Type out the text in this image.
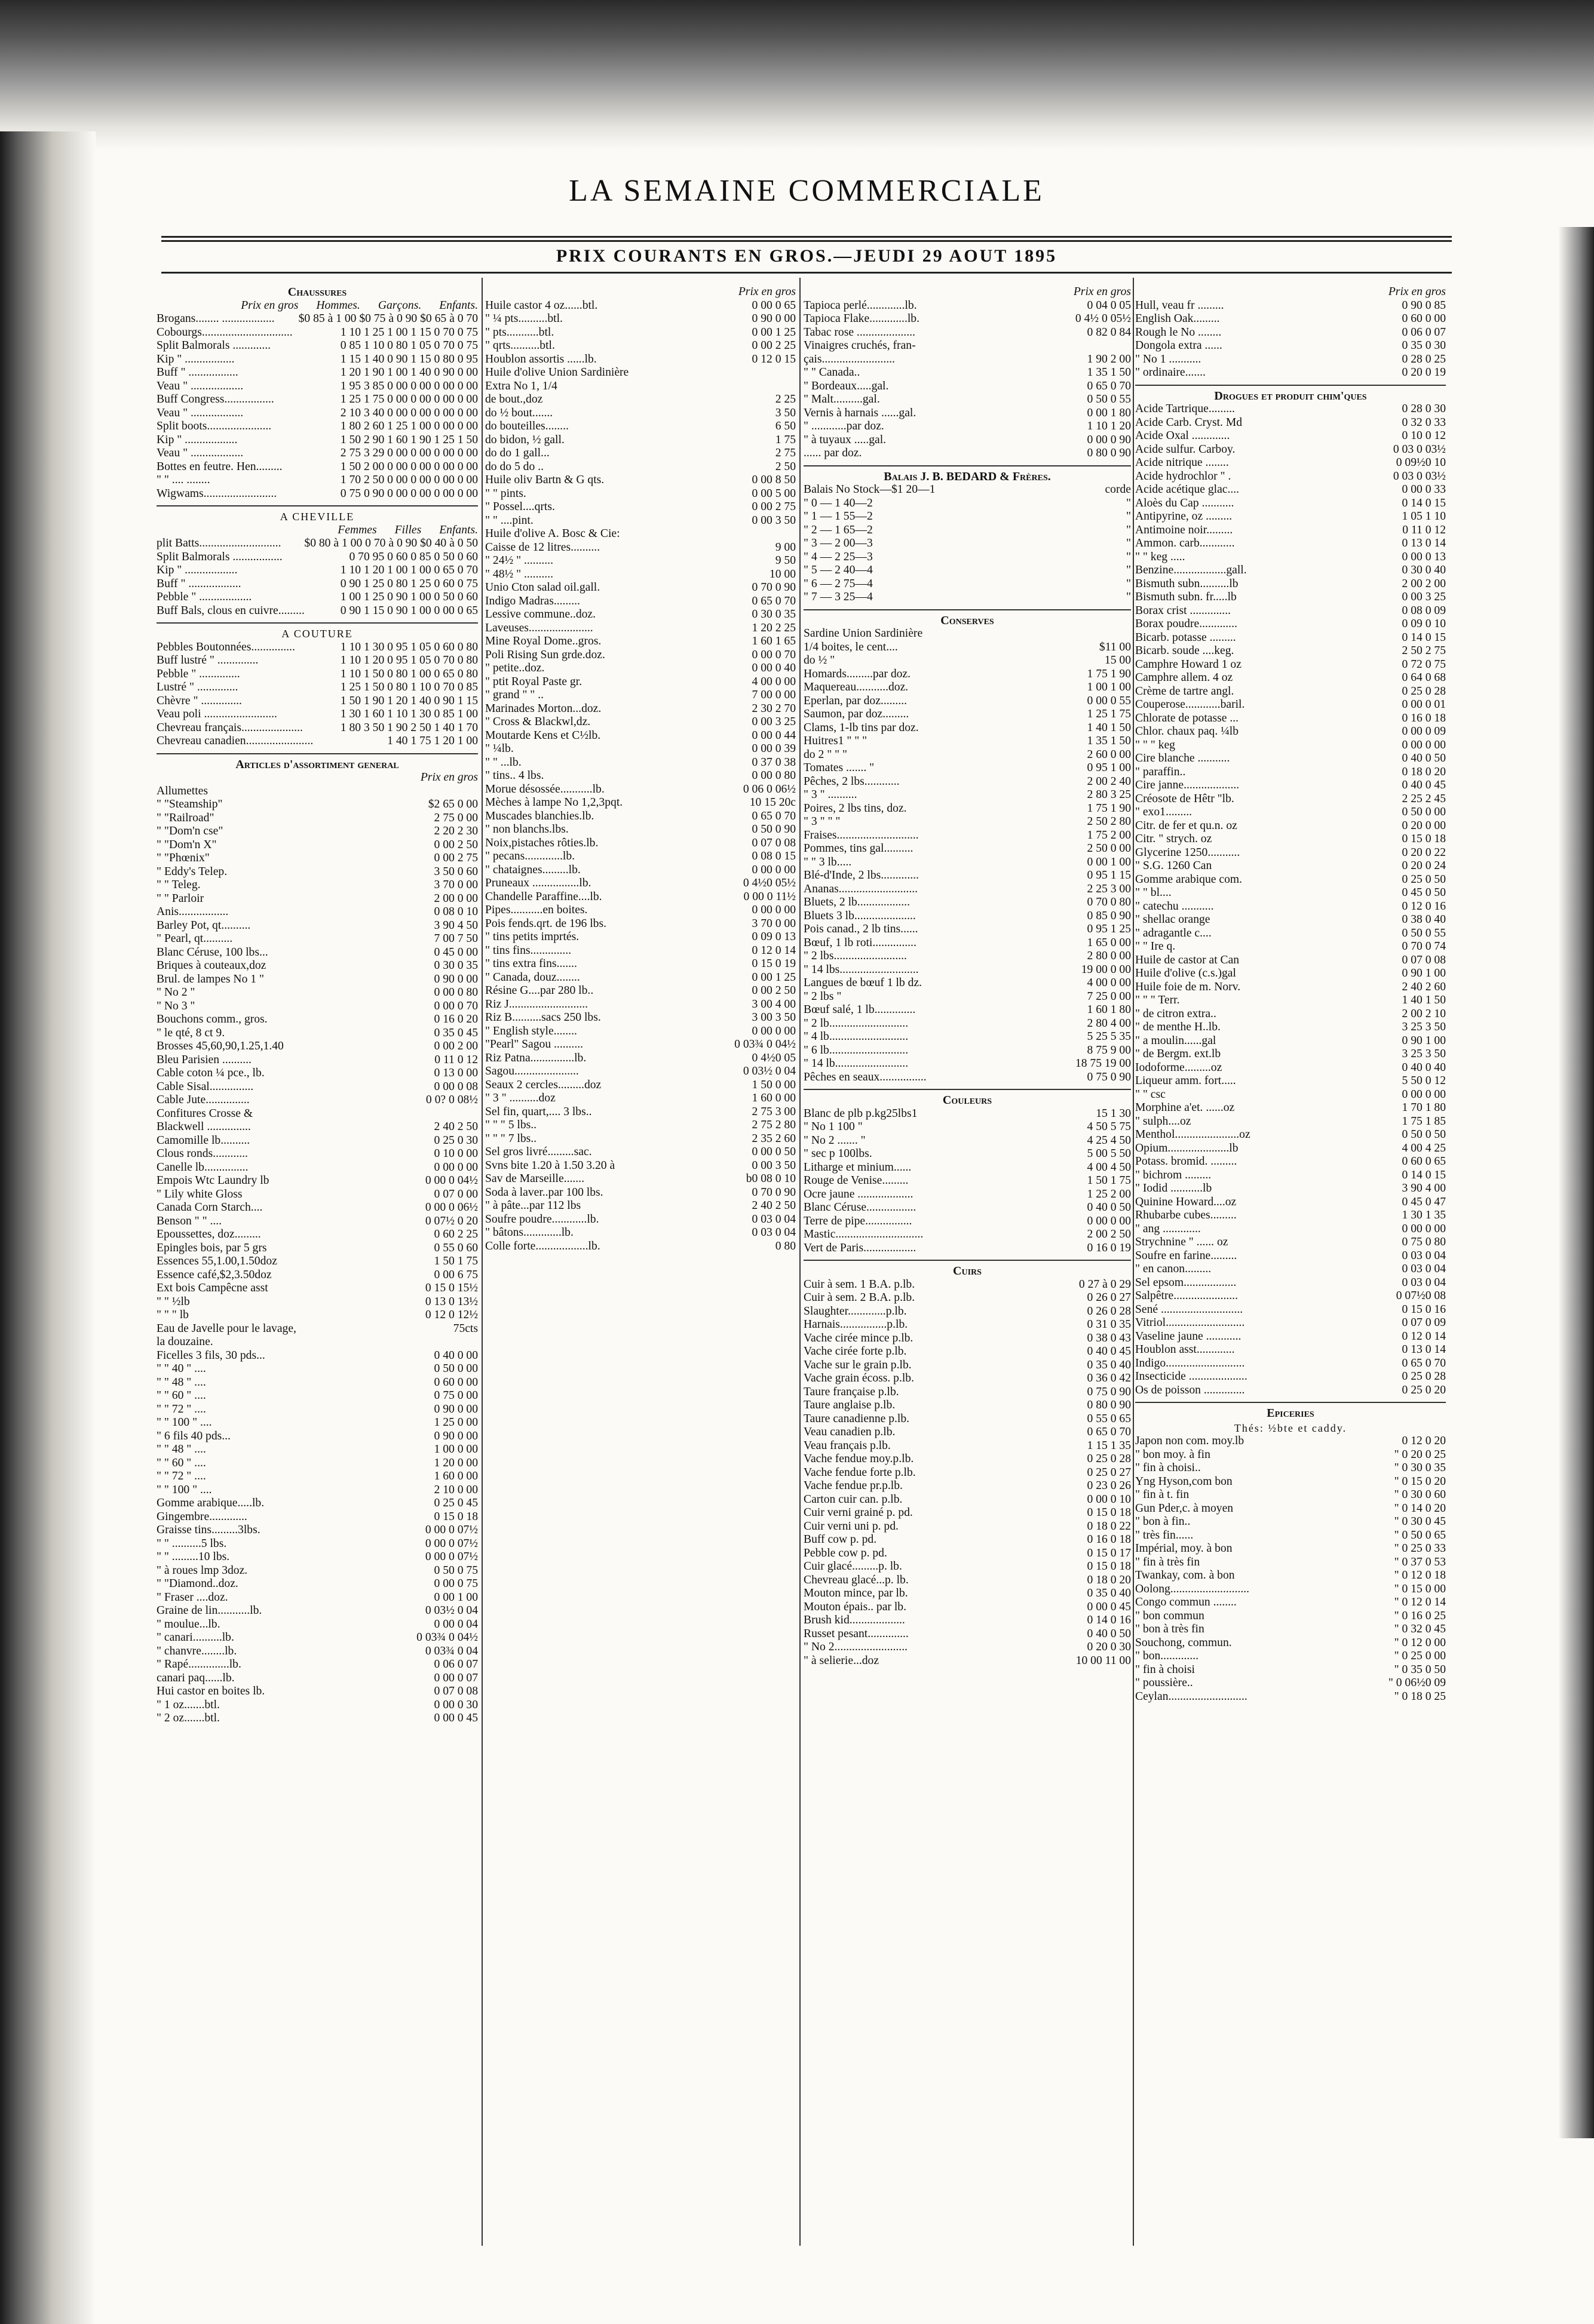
LA SEMAINE COMMERCIALE
PRIX COURANTS EN GROS.—JEUDI 29 AOUT 1895
Chaussures
Prix en gros	Hommes.	Garçons.	Enfants.
Brogans........ ..................	$0 85 à 1 00 $0 75 à 0 90 $0 65 à 0 70
Cobourgs...............................	1 10 1 25 1 00 1 15 0 70 0 75
Split Balmorals .............	0 85 1 10 0 80 1 05 0 70 0 75
Kip " .................	1 15 1 40 0 90 1 15 0 80 0 95
Buff " .................	1 20 1 90 1 00 1 40 0 90 0 00
Veau " ..................	1 95 3 85 0 00 0 00 0 00 0 00
Buff Congress.................	1 25 1 75 0 00 0 00 0 00 0 00
Veau " ..................	2 10 3 40 0 00 0 00 0 00 0 00
Split boots......................	1 80 2 60 1 25 1 00 0 00 0 00
Kip " ..................	1 50 2 90 1 60 1 90 1 25 1 50
Veau " ..................	2 75 3 29 0 00 0 00 0 00 0 00
Bottes en feutre. Hen.........	1 50 2 00 0 00 0 00 0 00 0 00
" " .... ........	1 70 2 50 0 00 0 00 0 00 0 00
Wigwams.........................	0 75 0 90 0 00 0 00 0 00 0 00
A CHEVILLE
Femmes	Filles	Enfants.
plit Batts............................	$0 80 à 1 00 0 70 à 0 90 $0 40 à 0 50
Split Balmorals .................	0 70 95 0 60 0 85 0 50 0 60
Kip " ..................	1 10 1 20 1 00 1 00 0 65 0 70
Buff " ..................	0 90 1 25 0 80 1 25 0 60 0 75
Pebble " ..................	1 00 1 25 0 90 1 00 0 50 0 60
Buff Bals, clous en cuivre.........	0 90 1 15 0 90 1 00 0 00 0 65
A COUTURE
Pebbles Boutonnées...............	1 10 1 30 0 95 1 05 0 60 0 80
Buff lustré " ..............	1 10 1 20 0 95 1 05 0 70 0 80
Pebble " ..............	1 10 1 50 0 80 1 00 0 65 0 80
Lustré " ..............	1 25 1 50 0 80 1 10 0 70 0 85
Chèvre " ..............	1 50 1 90 1 20 1 40 0 90 1 15
Veau poli .........................	1 30 1 60 1 10 1 30 0 85 1 00
Chevreau français.....................	1 80 3 50 1 90 2 50 1 40 1 70
Chevreau canadien.......................	1 40 1 75 1 20 1 00
Articles d'assortiment general
Prix en gros
Allumettes
" "Steamship"	$2 65 0 00
" "Railroad"	2 75 0 00
" "Dom'n cse"	2 20 2 30
" "Dom'n X"	0 00 2 50
" "Phœnix"	0 00 2 75
" Eddy's Telep.	3 50 0 60
" " Teleg.	3 70 0 00
" " Parloir	2 00 0 00
Anis.................	0 08 0 10
Barley Pot, qt..........	3 90 4 50
" Pearl, qt..........	7 00 7 50
Blanc Céruse, 100 lbs...	0 45 0 00
Briques à couteaux,doz	0 30 0 35
Brul. de lampes No 1 "	0 90 0 00
" No 2 "	0 00 0 80
" No 3 "	0 00 0 70
Bouchons comm., gros.	0 16 0 20
" le qté, 8 ct 9.	0 35 0 45
Brosses 45,60,90,1.25,1.40	0 00 2 00
Bleu Parisien ..........	0 11 0 12
Cable coton ¼ pce., lb.	0 13 0 00
Cable Sisal...............	0 00 0 08
Cable Jute...............	0 0? 0 08½
Confitures Crosse &
Blackwell ...............	2 40 2 50
Camomille lb..........	0 25 0 30
Clous ronds............	0 10 0 00
Canelle lb...............	0 00 0 00
Empois Wtc Laundry lb	0 00 0 04½
" Lily white Gloss	0 07 0 00
Canada Corn Starch....	0 00 0 06½
Benson " " ....	0 07½ 0 20
Epoussettes, doz.........	0 60 2 25
Epingles bois, par 5 grs	0 55 0 60
Essences 55,1.00,1.50doz	1 50 1 75
Essence café,$2,3.50doz	0 00 6 75
Ext bois Campêcne asst	0 15 0 15½
" " ½lb	0 13 0 13½
" " " lb	0 12 0 12½
Eau de Javelle pour le lavage,	75cts
la douzaine.
Ficelles 3 fils, 30 pds...	0 40 0 00
" " 40 " ....	0 50 0 00
" " 48 " ....	0 60 0 00
" " 60 " ....	0 75 0 00
" " 72 " ....	0 90 0 00
" " 100 " ....	1 25 0 00
" 6 fils 40 pds...	0 90 0 00
" " 48 " ....	1 00 0 00
" " 60 " ....	1 20 0 00
" " 72 " ....	1 60 0 00
" " 100 " ....	2 10 0 00
Gomme arabique.....lb.	0 25 0 45
Gingembre.............	0 15 0 18
Graisse tins.........3lbs.	0 00 0 07½
" " ..........5 lbs.	0 00 0 07½
" " .........10 lbs.	0 00 0 07½
" à roues lmp 3doz.	0 50 0 75
" "Diamond..doz.	0 00 0 75
" Fraser ....doz.	0 00 1 00
Graine de lin...........lb.	0 03½ 0 04
" moulue...lb.	0 00 0 04
" canari..........lb.	0 03¾ 0 04½
" chanvre........lb.	0 03¾ 0 04
" Rapé..............lb.	0 06 0 07
canari paq......lb.	0 00 0 07
Hui castor en boites lb.	0 07 0 08
" 1 oz.......btl.	0 00 0 30
" 2 oz.......btl.	0 00 0 45
Prix en gros
Huile castor 4 oz......btl.	0 00 0 65
" ¼ pts..........btl.	0 90 0 00
" pts...........btl.	0 00 1 25
" qrts..........btl.	0 00 2 25
Houblon assortis ......lb.	0 12 0 15
Huile d'olive Union Sardinière
Extra No 1, 1/4
de bout.,doz	2 25
do ½ bout.......	3 50
do bouteilles........	6 50
do bidon, ½ gall.	1 75
do do 1 gall...	2 75
do do 5 do ..	2 50
Huile oliv Bartn & G qts.	0 00 8 50
" " pints.	0 00 5 00
" Possel....qrts.	0 00 2 75
" " ....pint.	0 00 3 50
Huile d'olive A. Bosc & Cie:
Caisse de 12 litres..........	9 00
" 24½ " ..........	9 50
" 48½ " ..........	10 00
Unio Cton salad oil.gall.	0 70 0 90
Indigo Madras.........	0 65 0 70
Lessive commune..doz.	0 30 0 35
Laveuses......................	1 20 2 25
Mine Royal Dome..gros.	1 60 1 65
Poli Rising Sun grde.doz.	0 00 0 70
" petite..doz.	0 00 0 40
" ptit Royal Paste gr.	4 00 0 00
" grand " " ..	7 00 0 00
Marinades Morton...doz.	2 30 2 70
" Cross & Blackwl,dz.	0 00 3 25
Moutarde Kens et C½lb.	0 00 0 44
" ¼lb.	0 00 0 39
" " ...lb.	0 37 0 38
" tins.. 4 lbs.	0 00 0 80
Morue désossée...........lb.	0 06 0 06½
Mèches à lampe No 1,2,3pqt.	10 15 20c
Muscades blanchies.lb.	0 65 0 70
" non blanchs.lbs.	0 50 0 90
Noix,pistaches rôties.lb.	0 07 0 08
" pecans.............lb.	0 08 0 15
" chataignes.........lb.	0 00 0 00
Pruneaux ................lb.	0 4½0 05½
Chandelle Paraffine....lb.	0 00 0 11½
Pipes...........en boites.	0 00 0 00
Pois fends.qrt. de 196 lbs.	3 70 0 00
" tins petits imprtés.	0 09 0 13
" tins fins..............	0 12 0 14
" tins extra fins.......	0 15 0 19
" Canada, douz........	0 00 1 25
Résine G....par 280 lb..	0 00 2 50
Riz J...........................	3 00 4 00
Riz B..........sacs 250 lbs.	3 00 3 50
" English style........	0 00 0 00
"Pearl" Sagou ..........	0 03¾ 0 04½
Riz Patna...............lb.	0 4½0 05
Sagou......................	0 03½ 0 04
Seaux 2 cercles.........doz	1 50 0 00
" 3 " ..........doz	1 60 0 00
Sel fin, quart,.... 3 lbs..	2 75 3 00
" " " 5 lbs..	2 75 2 80
" " " 7 lbs..	2 35 2 60
Sel gros livré.........sac.	0 00 0 50
Svns bite 1.20 à 1.50 3.20 à	0 00 3 50
Sav de Marseille.......	b0 08 0 10
Soda à laver..par 100 lbs.	0 70 0 90
" à pâte...par 112 lbs	2 40 2 50
Soufre poudre............lb.	0 03 0 04
" bâtons.............lb.	0 03 0 04
Colle forte..................lb.	0 80
Prix en gros
Tapioca perlé.............lb.	0 04 0 05
Tapioca Flake.............lb.	0 4½ 0 05½
Tabac rose ....................	0 82 0 84
Vinaigres cruchés, fran-
çais.........................	1 90 2 00
" " Canada..	1 35 1 50
" Bordeaux.....gal.	0 65 0 70
" Malt..........gal.	0 50 0 55
Vernis à harnais ......gal.	0 00 1 80
" ............par doz.	1 10 1 20
" à tuyaux .....gal.	0 00 0 90
...... par doz.	0 80 0 90
Balais J. B. BEDARD & Frères.
Balais No Stock—$1 20—1	corde
" 0 — 1 40—2	"
" 1 — 1 55—2	"
" 2 — 1 65—2	"
" 3 — 2 00—3	"
" 4 — 2 25—3	"
" 5 — 2 40—4	"
" 6 — 2 75—4	"
" 7 — 3 25—4	"
Conserves
Sardine Union Sardinière
1/4 boites, le cent....	$11 00
do ½ "	15 00
Homards.........par doz.	1 75 1 90
Maquereau...........doz.	1 00 1 00
Eperlan, par doz.........	0 00 0 55
Saumon, par doz.........	1 25 1 75
Clams, 1-lb tins par doz.	1 40 1 50
Huitres1 " " "	1 35 1 50
do 2 " " "	2 60 0 00
Tomates ....... "	0 95 1 00
Pêches, 2 lbs............	2 00 2 40
" 3 " ..........	2 80 3 25
Poires, 2 lbs tins, doz.	1 75 1 90
" 3 " " "	2 50 2 80
Fraises............................	1 75 2 00
Pommes, tins gal..........	2 50 0 00
" " 3 lb.....	0 00 1 00
Blé-d'Inde, 2 lbs.............	0 95 1 15
Ananas...........................	2 25 3 00
Bluets, 2 lb..................	0 70 0 80
Bluets 3 lb.....................	0 85 0 90
Pois canad., 2 lb tins......	0 95 1 25
Bœuf, 1 lb roti...............	1 65 0 00
" 2 lbs.........................	2 80 0 00
" 14 lbs...........................	19 00 0 00
Langues de bœuf 1 lb dz.	4 00 0 00
" 2 lbs "	7 25 0 00
Bœuf salé, 1 lb..............	1 60 1 80
" 2 lb...........................	2 80 4 00
" 4 lb...........................	5 25 5 35
" 6 lb...........................	8 75 9 00
" 14 lb.........................	18 75 19 00
Pêches en seaux................	0 75 0 90
Couleurs
Blanc de plb p.kg25lbs1	15 1 30
" No 1 100 "	4 50 5 75
" No 2 ....... "	4 25 4 50
" sec p 100lbs.	5 00 5 50
Litharge et minium......	4 00 4 50
Rouge de Venise.........	1 50 1 75
Ocre jaune ...................	1 25 2 00
Blanc Céruse.................	0 40 0 50
Terre de pipe................	0 00 0 00
Mastic..............................	2 00 2 50
Vert de Paris..................	0 16 0 19
Cuirs
Cuir à sem. 1 B.A. p.lb.	0 27 à 0 29
Cuir à sem. 2 B.A. p.lb.	0 26 0 27
Slaughter.............p.lb.	0 26 0 28
Harnais................p.lb.	0 31 0 35
Vache cirée mince p.lb.	0 38 0 43
Vache cirée forte p.lb.	0 40 0 45
Vache sur le grain p.lb.	0 35 0 40
Vache grain écoss. p.lb.	0 36 0 42
Taure française p.lb.	0 75 0 90
Taure anglaise p.lb.	0 80 0 90
Taure canadienne p.lb.	0 55 0 65
Veau canadien p.lb.	0 65 0 70
Veau français p.lb.	1 15 1 35
Vache fendue moy.p.lb.	0 25 0 28
Vache fendue forte p.lb.	0 25 0 27
Vache fendue pr.p.lb.	0 23 0 26
Carton cuir can. p.lb.	0 00 0 10
Cuir verni grainé p. pd.	0 15 0 18
Cuir verni uni p. pd.	0 18 0 22
Buff cow p. pd.	0 16 0 18
Pebble cow p. pd.	0 15 0 17
Cuir glacé.........p. lb.	0 15 0 18
Chevreau glacé...p. lb.	0 18 0 20
Mouton mince, par lb.	0 35 0 40
Mouton épais.. par lb.	0 00 0 45
Brush kid...................	0 14 0 16
Russet pesant..............	0 40 0 50
" No 2.........................	0 20 0 30
" à selierie...doz	10 00 11 00
Prix en gros
Hull, veau fr .........	0 90 0 85
English Oak.........	0 60 0 00
Rough le No ........	0 06 0 07
Dongola extra ......	0 35 0 30
" No 1 ...........	0 28 0 25
" ordinaire.......	0 20 0 19
Drogues et produit chim'ques
Acide Tartrique.........	0 28 0 30
Acide Carb. Cryst. Md	0 32 0 33
Acide Oxal .............	0 10 0 12
Acide sulfur. Carboy.	0 03 0 03½
Acide nitrique ........	0 09½0 10
Acide hydrochlor " .	0 03 0 03½
Acide acétique glac....	0 00 0 33
Aloès du Cap ...........	0 14 0 15
Antipyrine, oz .........	1 05 1 10
Antimoine noir.........	0 11 0 12
Ammon. carb............	0 13 0 14
" " keg .....	0 00 0 13
Benzine..................gall.	0 30 0 40
Bismuth subn..........lb	2 00 2 00
Bismuth subn. fr.....lb	0 00 3 25
Borax crist ..............	0 08 0 09
Borax poudre.............	0 09 0 10
Bicarb. potasse .........	0 14 0 15
Bicarb. soude ....keg.	2 50 2 75
Camphre Howard 1 oz	0 72 0 75
Camphre allem. 4 oz	0 64 0 68
Crème de tartre angl.	0 25 0 28
Couperose............baril.	0 00 0 01
Chlorate de potasse ...	0 16 0 18
Chlor. chaux paq. ¼lb	0 00 0 09
" " " keg	0 00 0 00
Cire blanche ...........	0 40 0 50
" paraffin..	0 18 0 20
Cire janne...................	0 40 0 45
Créosote de Hêtr "lb.	2 25 2 45
" exo1.........	0 50 0 00
Citr. de fer et qu.n. oz	0 20 0 00
Citr. " strych. oz	0 15 0 18
Glycerine 1250...........	0 20 0 22
" S.G. 1260 Can	0 20 0 24
Gomme arabique com.	0 25 0 50
" " bl....	0 45 0 50
" catechu ...........	0 12 0 16
" shellac orange	0 38 0 40
" adragantle c....	0 50 0 55
" " Ire q.	0 70 0 74
Huile de castor at Can	0 07 0 08
Huile d'olive (c.s.)gal	0 90 1 00
Huile foie de m. Norv.	2 40 2 60
" " " Terr.	1 40 1 50
" de citron extra..	2 00 2 10
" de menthe H..lb.	3 25 3 50
" a moulin......gal	0 90 1 00
" de Bergm. ext.lb	3 25 3 50
Iodoforme.........oz	0 40 0 40
Liqueur amm. fort.....	5 50 0 12
" " csc	0 00 0 00
Morphine a'et. ......oz	1 70 1 80
" sulph....oz	1 75 1 85
Menthol......................oz	0 50 0 50
Opium.....................lb	4 00 4 25
Potass. bromid. .........	0 60 0 65
" bichrom .........	0 14 0 15
" Iodid ...........lb	3 90 4 00
Quinine Howard....oz	0 45 0 47
Rhubarbe cubes.........	1 30 1 35
" ang .............	0 00 0 00
Strychnine " ...... oz	0 75 0 80
Soufre en farine.........	0 03 0 04
" en canon.........	0 03 0 04
Sel epsom..................	0 03 0 04
Salpêtre......................	0 07½0 08
Sené ............................	0 15 0 16
Vitriol...........................	0 07 0 09
Vaseline jaune ............	0 12 0 14
Houblon asst.............	0 13 0 14
Indigo...........................	0 65 0 70
Insecticide ....................	0 25 0 28
Os de poisson ..............	0 25 0 20
Epiceries
Thés: ½bte et caddy.
Japon non com. moy.lb	0 12 0 20
" bon moy. à fin	" 0 20 0 25
" fin à choisi..	" 0 30 0 35
Yng Hyson,com bon	" 0 15 0 20
" fin à t. fin	" 0 30 0 60
Gun Pder,c. à moyen	" 0 14 0 20
" bon à fin..	" 0 30 0 45
" très fin......	" 0 50 0 65
Impérial, moy. à bon	" 0 25 0 33
" fin à très fin	" 0 37 0 53
Twankay, com. à bon	" 0 12 0 18
Oolong...........................	" 0 15 0 00
Congo commun ........	" 0 12 0 14
" bon commun	" 0 16 0 25
" bon à très fin	" 0 32 0 45
Souchong, commun.	" 0 12 0 00
" bon.............	" 0 25 0 00
" fin à choisi	" 0 35 0 50
" poussière..	" 0 06½0 09
Ceylan...........................	" 0 18 0 25
